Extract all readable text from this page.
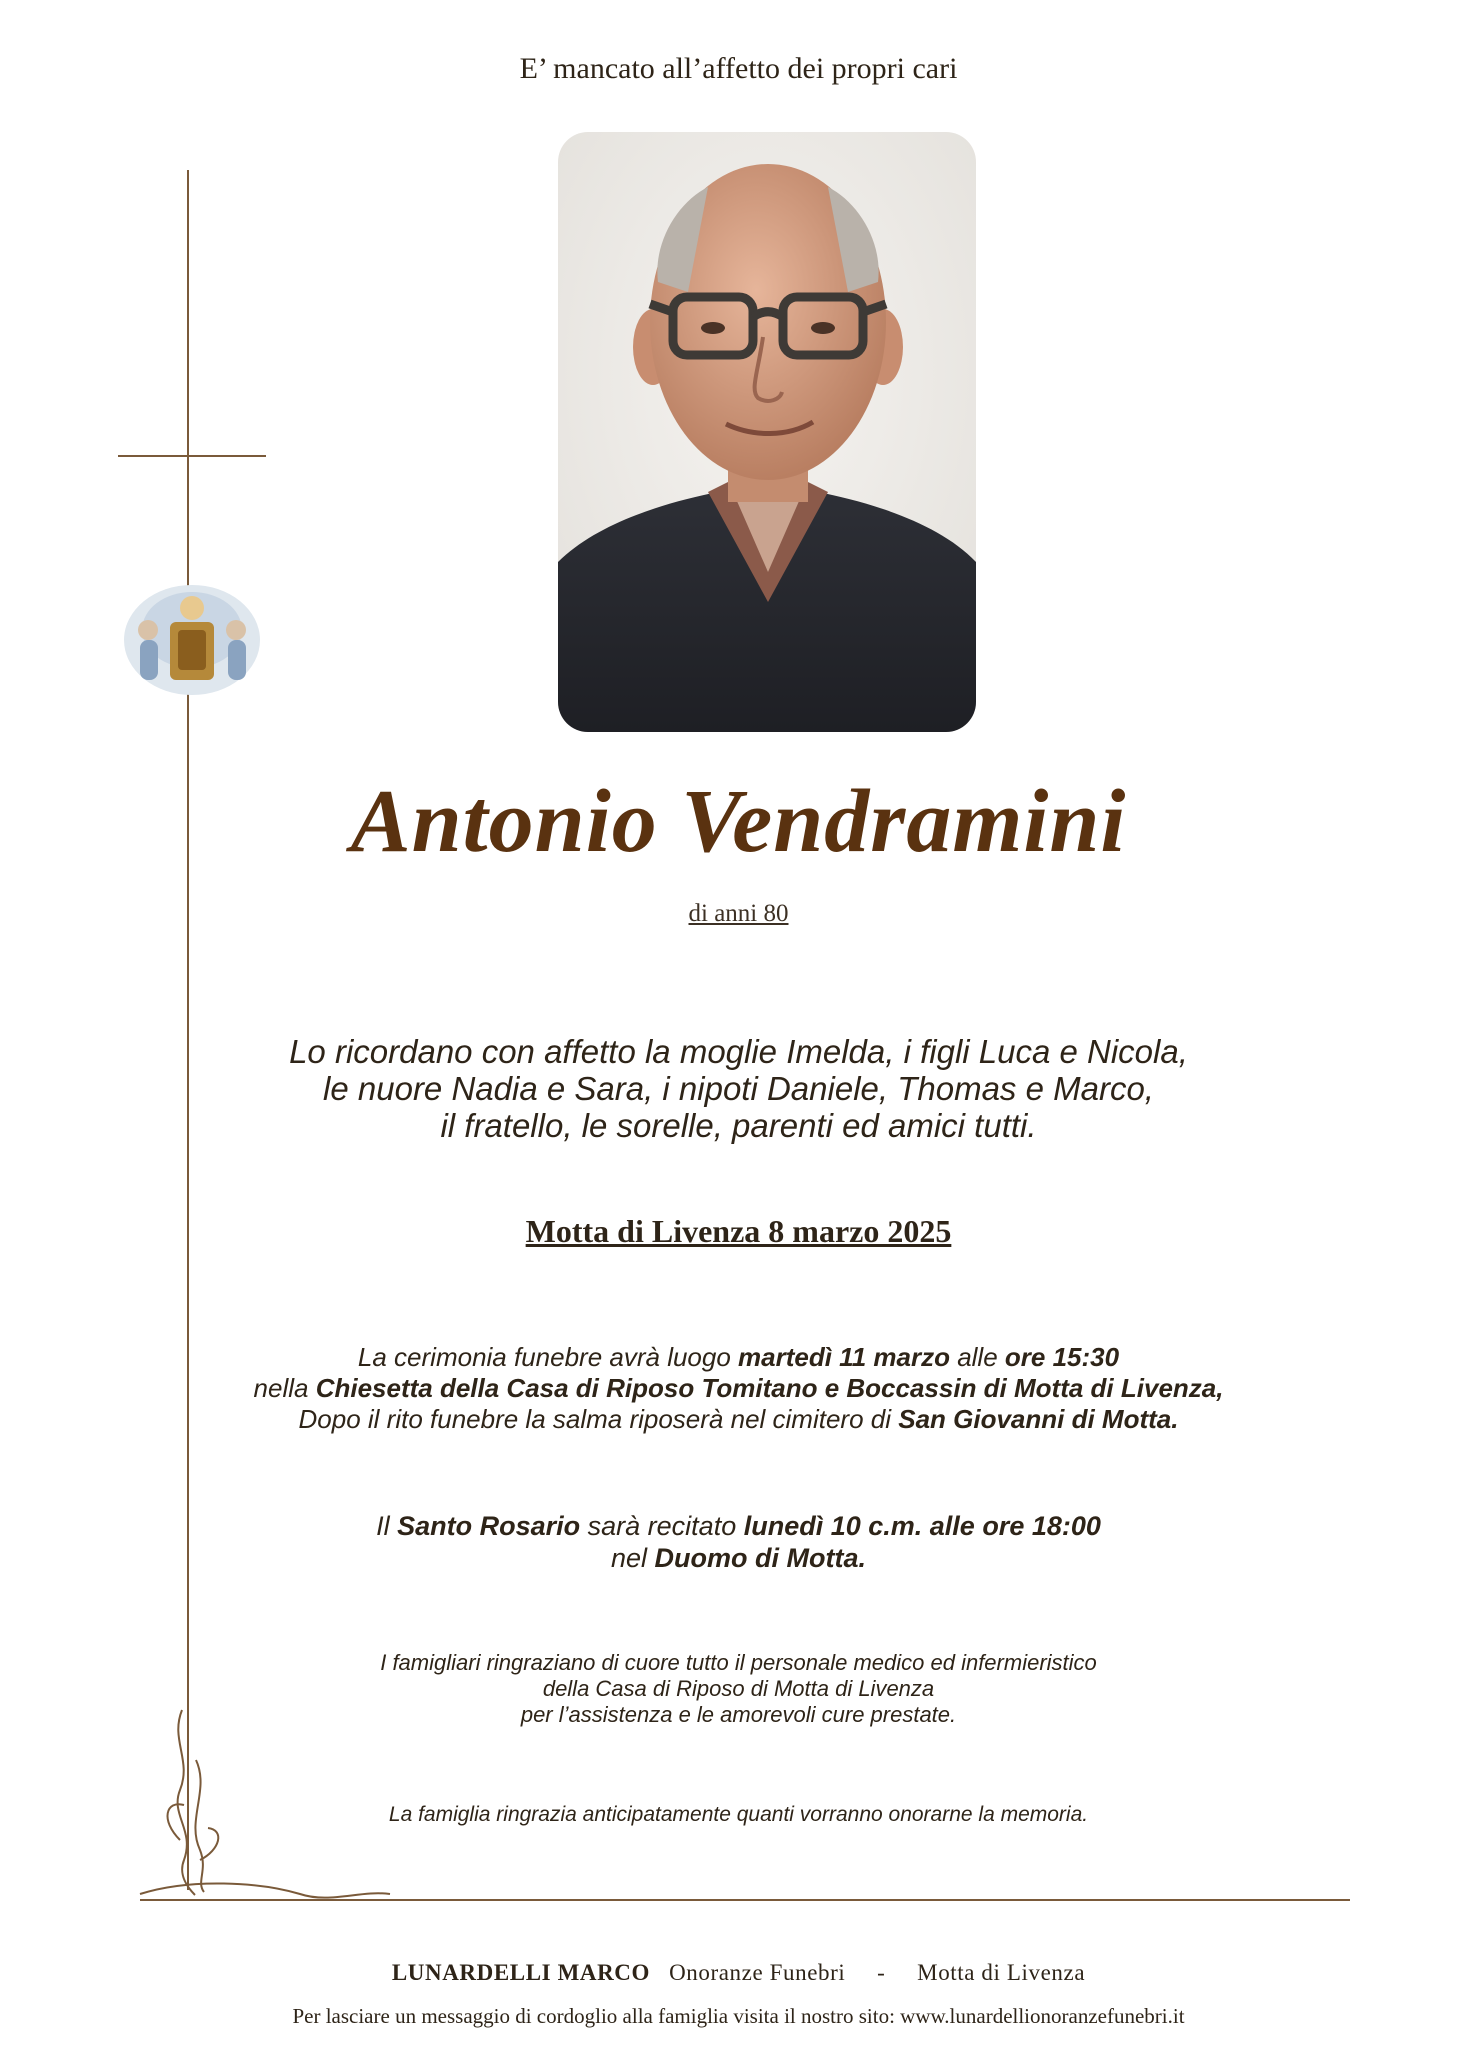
E’ mancato all’affetto dei propri cari
Antonio Vendramini
di anni 80
Lo ricordano con affetto la moglie Imelda, i figli Luca e Nicola,
le nuore Nadia e Sara, i nipoti Daniele, Thomas e Marco,
il fratello, le sorelle, parenti ed amici tutti.
Motta di Livenza 8 marzo 2025
La cerimonia funebre avrà luogo martedì 11 marzo alle ore 15:30
nella Chiesetta della Casa di Riposo Tomitano e Boccassin di Motta di Livenza,
Dopo il rito funebre la salma riposerà nel cimitero di San Giovanni di Motta.
Il Santo Rosario sarà recitato lunedì 10 c.m. alle ore 18:00
nel Duomo di Motta.
I famigliari ringraziano di cuore tutto il personale medico ed infermieristico
della Casa di Riposo di Motta di Livenza
per l’assistenza e le amorevoli cure prestate.
La famiglia ringrazia anticipatamente quanti vorranno onorarne la memoria.
LUNARDELLI MARCO Onoranze Funebri - Motta di Livenza
Per lasciare un messaggio di cordoglio alla famiglia visita il nostro sito: www.lunardellionoranzefunebri.it
